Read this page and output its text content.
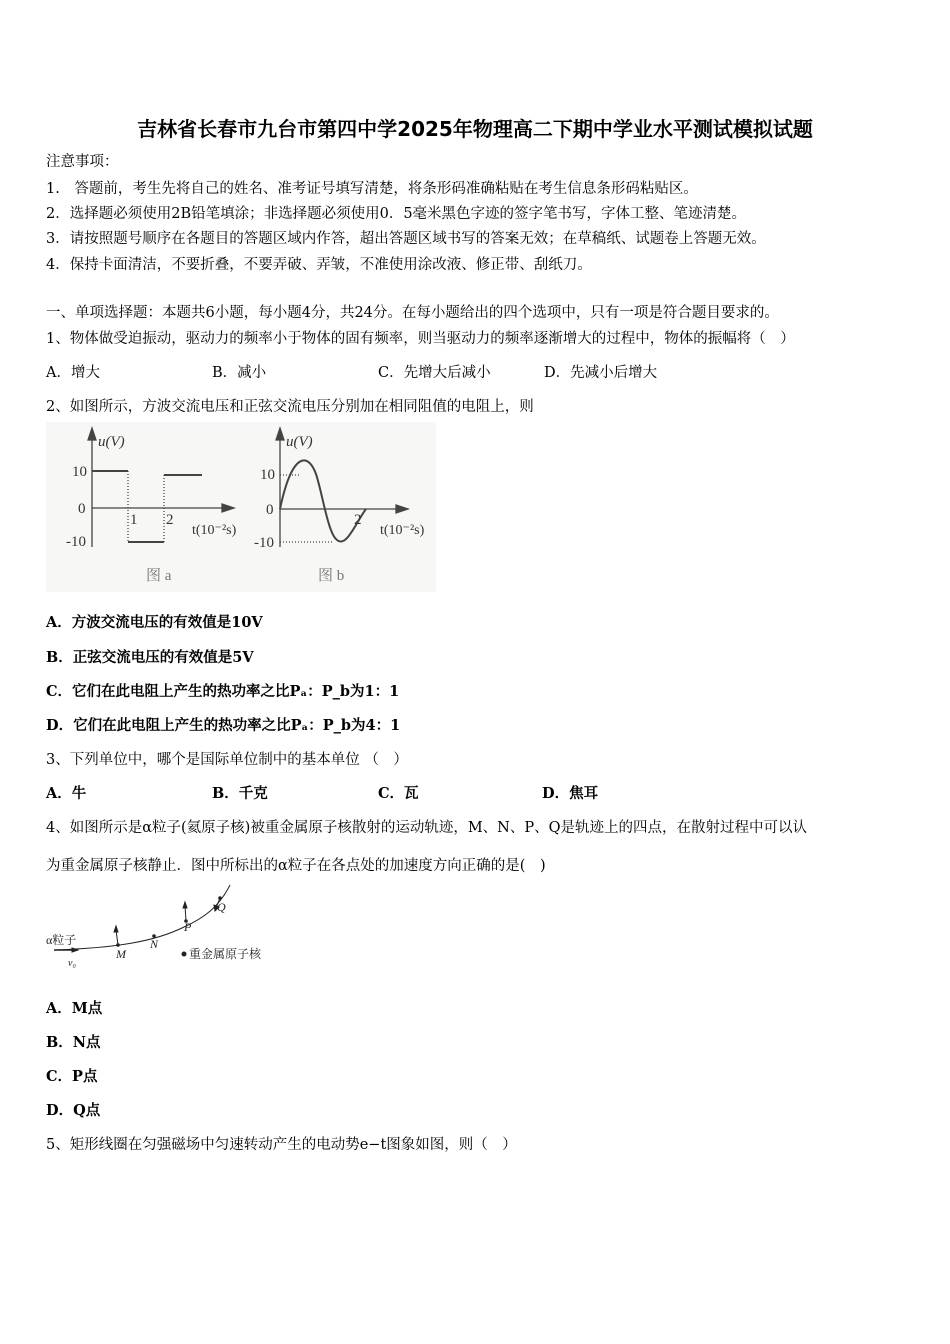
吉林省长春市九台市第四中学2025年物理高二下期中学业水平测试模拟试题
注意事项：
1.　答题前，考生先将自己的姓名、准考证号填写清楚，将条形码准确粘贴在考生信息条形码粘贴区。
2．选择题必须使用2B铅笔填涂；非选择题必须使用0．5毫米黑色字迹的签字笔书写，字体工整、笔迹清楚。
3．请按照题号顺序在各题目的答题区域内作答，超出答题区域书写的答案无效；在草稿纸、试题卷上答题无效。
4．保持卡面清洁，不要折叠，不要弄破、弄皱，不准使用涂改液、修正带、刮纸刀。
一、单项选择题：本题共6小题，每小题4分，共24分。在每小题给出的四个选项中，只有一项是符合题目要求的。
1、物体做受迫振动，驱动力的频率小于物体的固有频率，则当驱动力的频率逐渐增大的过程中，物体的振幅将（　）
A．增大	B．减小	C．先增大后减小	D．先减小后增大
2、如图所示，方波交流电压和正弦交流电压分别加在相同阻值的电阻上，则
u(V)
10
0
-10
1 2
t(10⁻²s)
图 a
u(V)
10
0
-10
2
t(10⁻²s)
图 b
A．方波交流电压的有效值是10V
B．正弦交流电压的有效值是5V
C．它们在此电阻上产生的热功率之比Pₐ：P_b为1：1
D．它们在此电阻上产生的热功率之比Pₐ：P_b为4：1
3、下列单位中，哪个是国际单位制中的基本单位 （　）
A．牛	B．千克	C．瓦	D．焦耳
4、如图所示是α粒子(氦原子核)被重金属原子核散射的运动轨迹，M、N、P、Q是轨迹上的四点，在散射过程中可以认
为重金属原子核静止．图中所标出的α粒子在各点处的加速度方向正确的是(　)
α粒子
v₀
M
N
P
Q
重金属原子核
A．M点
B．N点
C．P点
D．Q点
5、矩形线圈在匀强磁场中匀速转动产生的电动势e−t图象如图，则（　）
